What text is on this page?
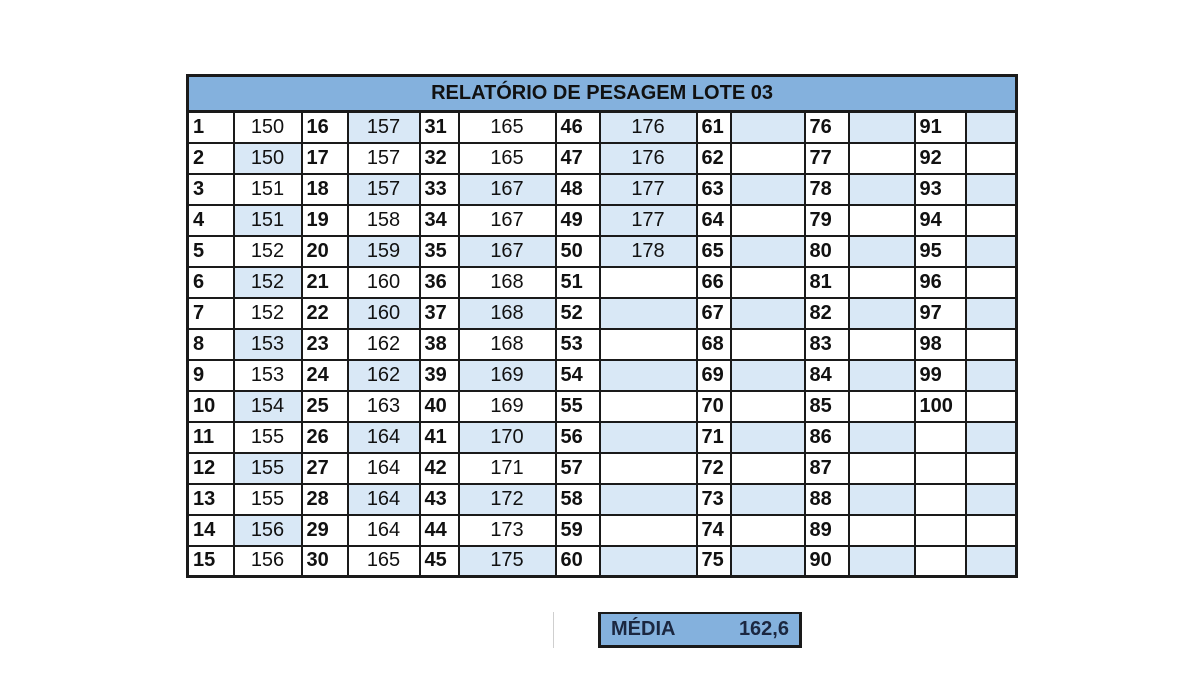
RELATÓRIO DE PESAGEM LOTE 03													
1	150	16	157	31	165	46	176	61		76		91	
2	150	17	157	32	165	47	176	62		77		92	
3	151	18	157	33	167	48	177	63		78		93	
4	151	19	158	34	167	49	177	64		79		94	
5	152	20	159	35	167	50	178	65		80		95	
6	152	21	160	36	168	51		66		81		96	
7	152	22	160	37	168	52		67		82		97	
8	153	23	162	38	168	53		68		83		98	
9	153	24	162	39	169	54		69		84		99	
10	154	25	163	40	169	55		70		85		100	
11	155	26	164	41	170	56		71		86			
12	155	27	164	42	171	57		72		87			
13	155	28	164	43	172	58		73		88			
14	156	29	164	44	173	59		74		89			
15	156	30	165	45	175	60		75		90			
MÉDIA	162,6
